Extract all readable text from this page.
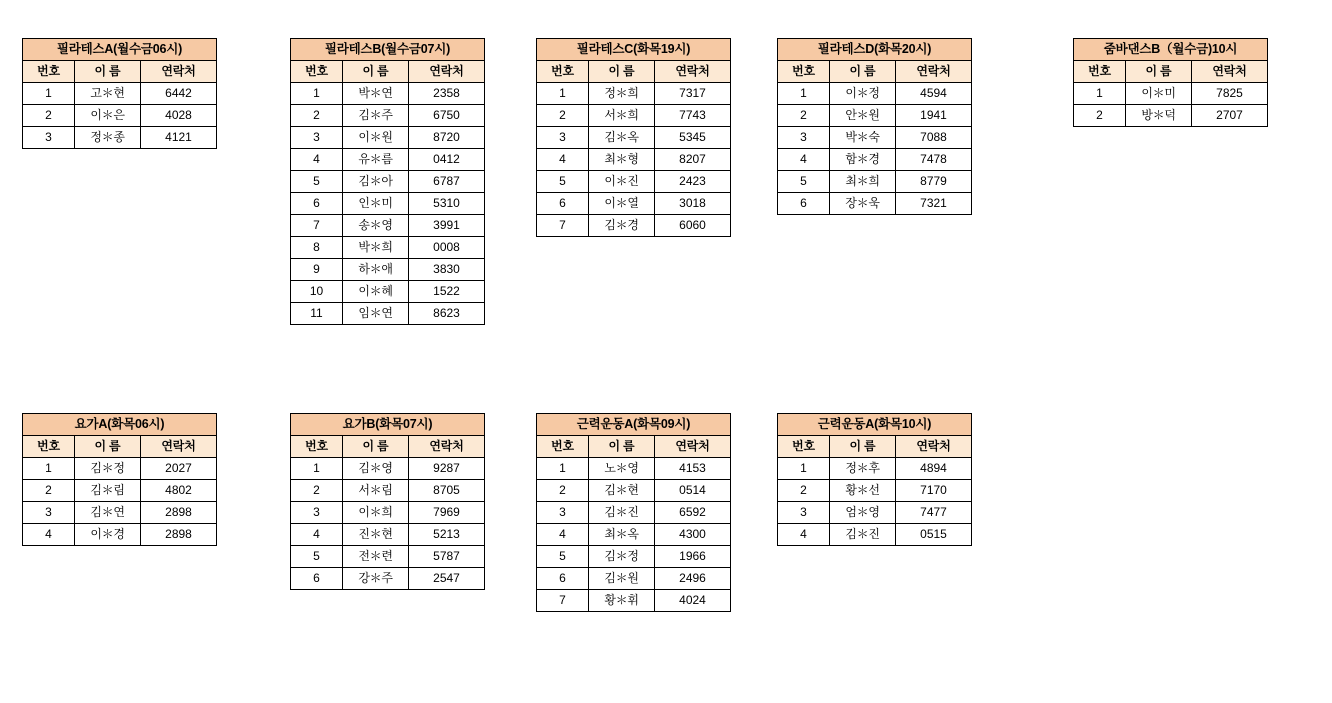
필라테스A(월수금06시)		
번호	이 름	연락처
1	고＊현	6442
2	이＊은	4028
3	정＊종	4121
필라테스B(월수금07시)		
번호	이 름	연락처
1	박＊연	2358
2	김＊주	6750
3	이＊원	8720
4	유＊름	0412
5	김＊아	6787
6	인＊미	5310
7	송＊영	3991
8	박＊희	0008
9	하＊애	3830
10	이＊혜	1522
11	임＊연	8623
필라테스C(화목19시)		
번호	이 름	연락처
1	정＊희	7317
2	서＊희	7743
3	김＊옥	5345
4	최＊형	8207
5	이＊진	2423
6	이＊열	3018
7	김＊경	6060
필라테스D(화목20시)		
번호	이 름	연락처
1	이＊정	4594
2	안＊원	1941
3	박＊숙	7088
4	함＊경	7478
5	최＊희	8779
6	장＊욱	7321
줌바댄스B（월수금)10시		
번호	이 름	연락처
1	이＊미	7825
2	방＊덕	2707
요가A(화목06시)		
번호	이 름	연락처
1	김＊정	2027
2	김＊림	4802
3	김＊연	2898
4	이＊경	2898
요가B(화목07시)		
번호	이 름	연락처
1	김＊영	9287
2	서＊림	8705
3	이＊희	7969
4	진＊현	5213
5	전＊련	5787
6	강＊주	2547
근력운동A(화목09시)		
번호	이 름	연락처
1	노＊영	4153
2	김＊현	0514
3	김＊진	6592
4	최＊옥	4300
5	김＊정	1966
6	김＊원	2496
7	황＊휘	4024
근력운동A(화목10시)		
번호	이 름	연락처
1	정＊후	4894
2	황＊선	7170
3	엄＊영	7477
4	김＊진	0515
